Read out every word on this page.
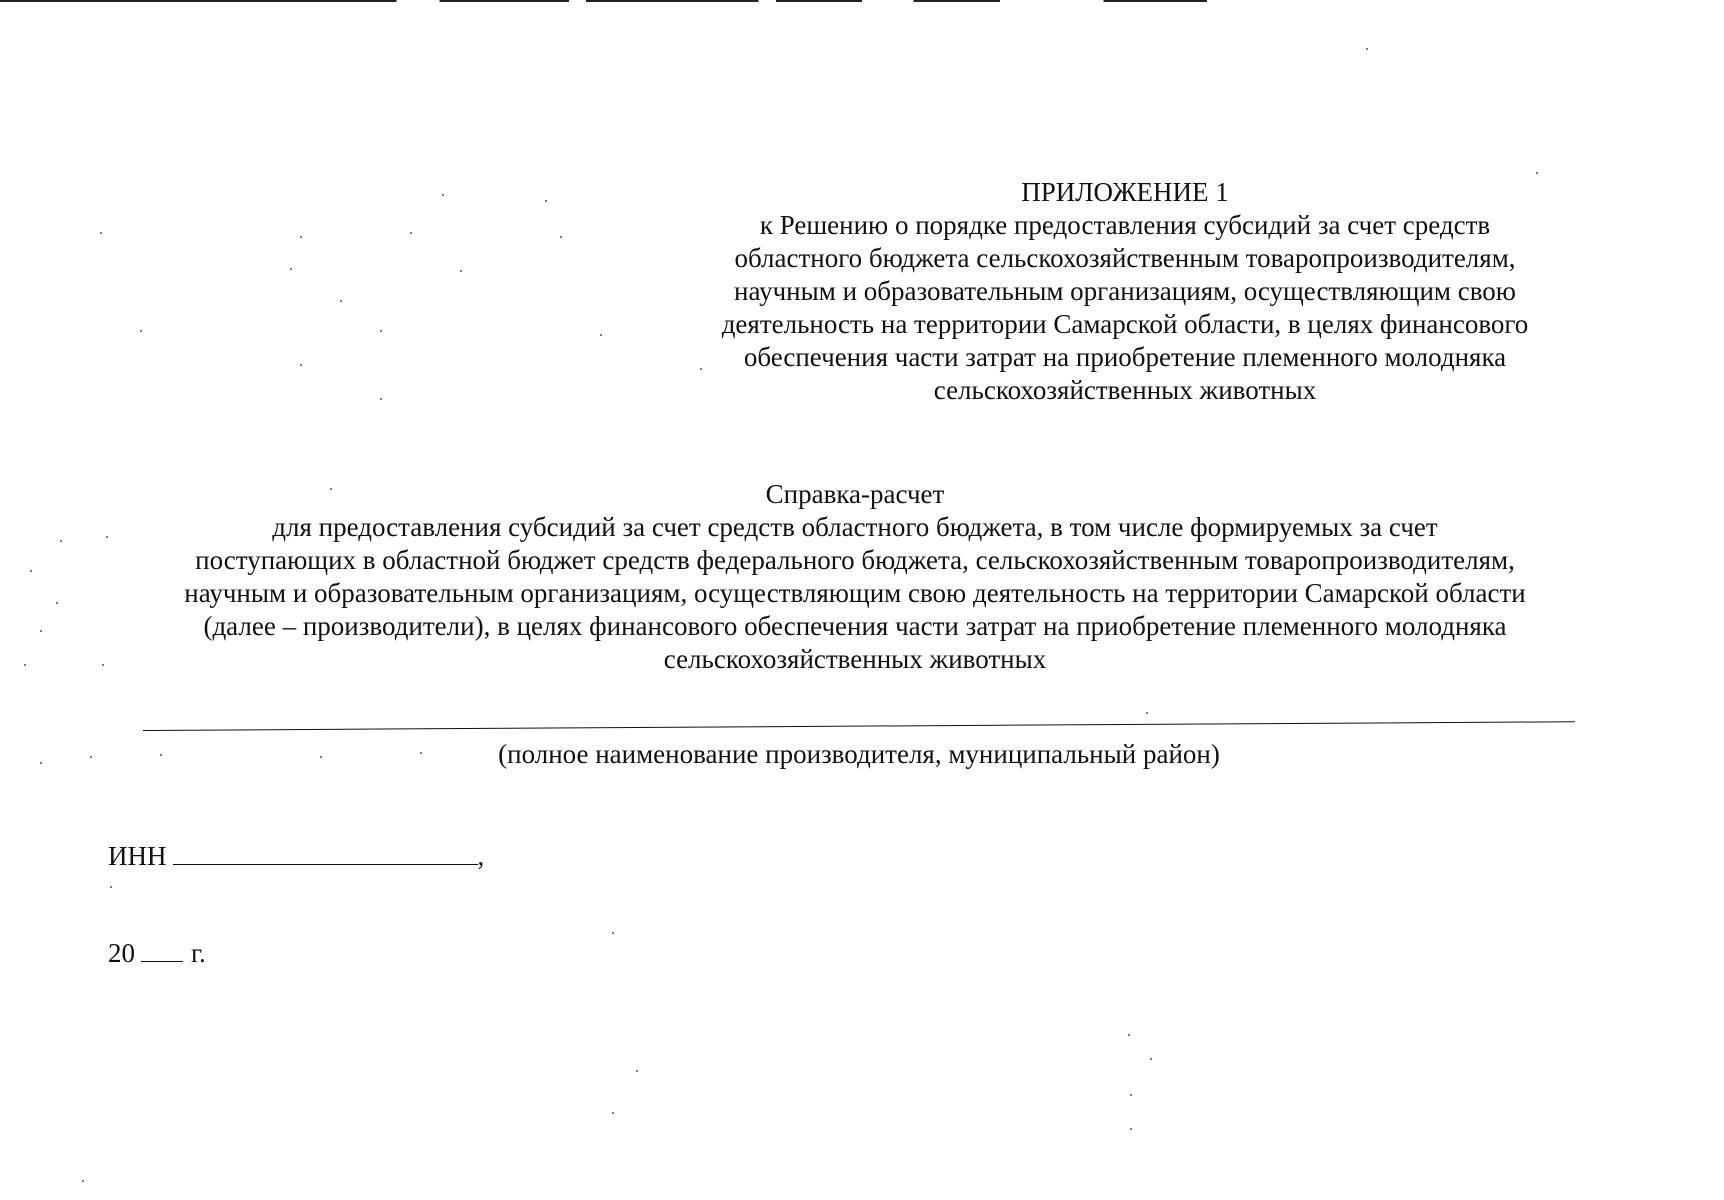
ПРИЛОЖЕНИЕ 1
к Решению о порядке предоставления субсидий за счет средств
областного бюджета сельскохозяйственным товаропроизводителям,
научным и образовательным организациям, осуществляющим свою
деятельность на территории Самарской области, в целях финансового
обеспечения части затрат на приобретение племенного молодняка
сельскохозяйственных животных
Справка-расчет
для предоставления субсидий за счет средств областного бюджета, в том числе формируемых за счет
поступающих в областной бюджет средств федерального бюджета, сельскохозяйственным товаропроизводителям,
научным и образовательным организациям, осуществляющим свою деятельность на территории Самарской области
(далее – производители), в целях финансового обеспечения части затрат на приобретение племенного молодняка
сельскохозяйственных животных
(полное наименование производителя, муниципальный район)
ИНН	,
20 г.
